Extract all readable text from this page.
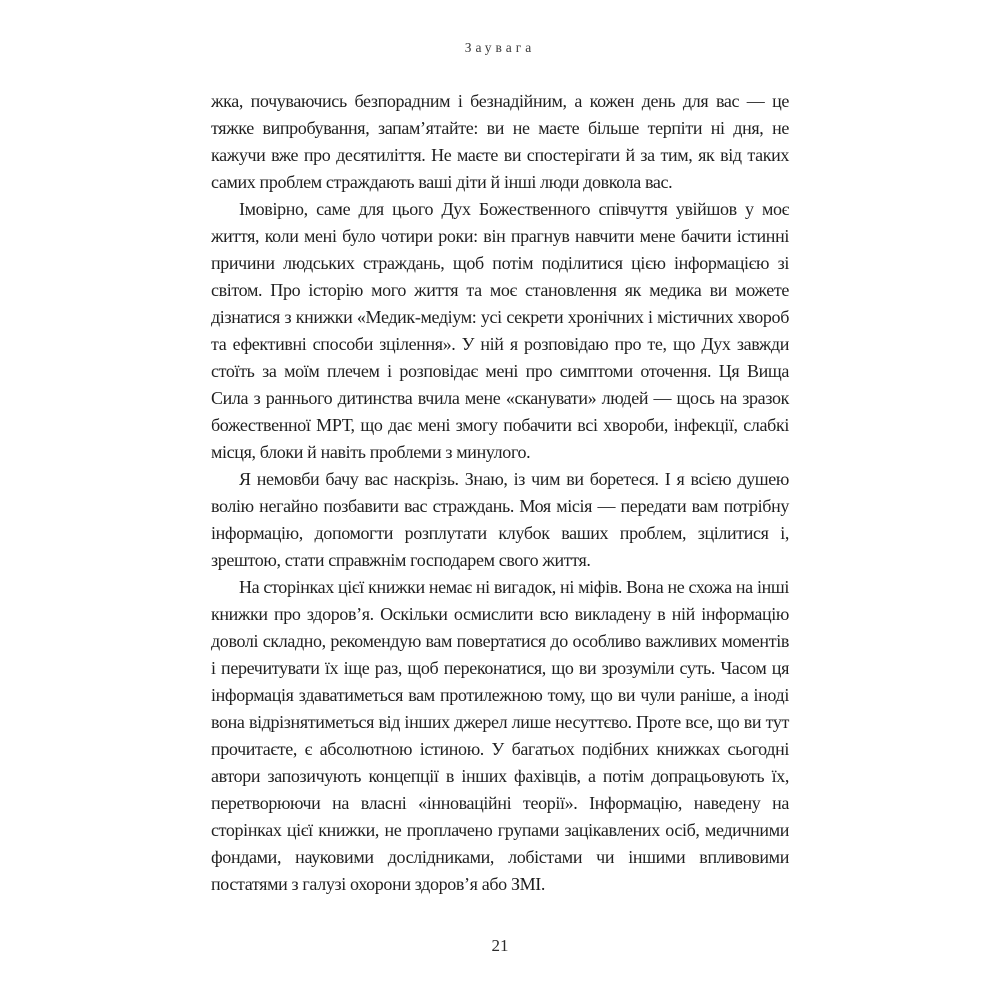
Заувага

жка, почуваючись безпорадним і безнадійним, а кожен день для вас — це тяжке випробування, запам’ятайте: ви не маєте більше терпіти ні дня, не кажучи вже про десятиліття. Не маєте ви спостерігати й за тим, як від таких самих проблем страждають ваші діти й інші люди довкола вас.

Імовірно, саме для цього Дух Божественного співчуття увійшов у моє життя, коли мені було чотири роки: він прагнув навчити мене бачити істинні причини людських страждань, щоб потім поділитися цією інформацією зі світом. Про історію мого життя та моє становлення як медика ви можете дізнатися з книжки «Медик-медіум: усі секрети хронічних і містичних хвороб та ефективні способи зцілення». У ній я розповідаю про те, що Дух завжди стоїть за моїм плечем і розповідає мені про симптоми оточення. Ця Вища Сила з раннього дитинства вчила мене «сканувати» людей — щось на зразок божественної МРТ, що дає мені змогу побачити всі хвороби, інфекції, слабкі місця, блоки й навіть проблеми з минулого.

Я немовби бачу вас наскрізь. Знаю, із чим ви боретеся. І я всією душею волію негайно позбавити вас страждань. Моя місія — передати вам потрібну інформацію, допомогти розплутати клубок ваших проблем, зцілитися і, зрештою, стати справжнім господарем свого життя.

На сторінках цієї книжки немає ні вигадок, ні міфів. Вона не схожа на інші книжки про здоров’я. Оскільки осмислити всю викладену в ній інформацію доволі складно, рекомендую вам повертатися до особливо важливих моментів і перечитувати їх іще раз, щоб переконатися, що ви зрозуміли суть. Часом ця інформація здаватиметься вам протилежною тому, що ви чули раніше, а іноді вона відрізнятиметься від інших джерел лише несуттєво. Проте все, що ви тут прочитаєте, є абсолютною істиною. У багатьох подібних книжках сьогодні автори запозичують концепції в інших фахівців, а потім допрацьовують їх, перетворюючи на власні «інноваційні теорії». Інформацію, наведену на сторінках цієї книжки, не проплачено групами зацікавлених осіб, медичними фондами, науковими дослідниками, лобістами чи іншими впливовими постатями з галузі охорони здоров’я або ЗМІ.

21
